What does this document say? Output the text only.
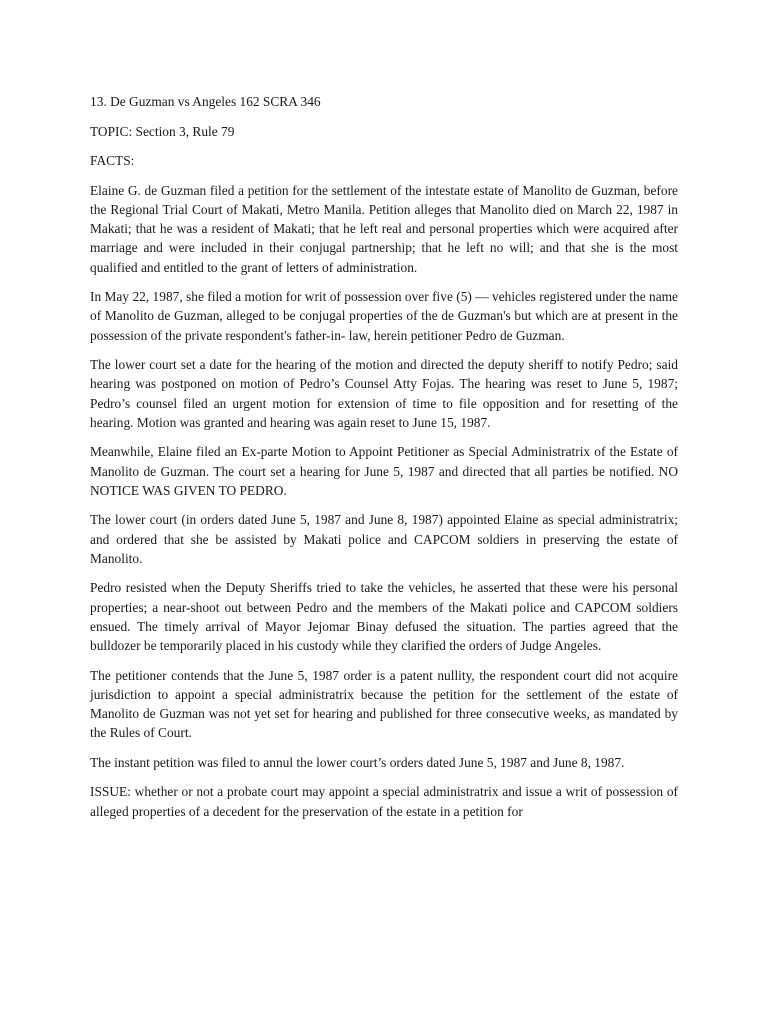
13. De Guzman vs Angeles 162 SCRA 346

TOPIC: Section 3, Rule 79

FACTS:

Elaine G. de Guzman filed a petition for the settlement of the intestate estate of Manolito de Guzman, before the Regional Trial Court of Makati, Metro Manila. Petition alleges that Manolito died on March 22, 1987 in Makati; that he was a resident of Makati; that he left real and personal properties which were acquired after marriage and were included in their conjugal partnership; that he left no will; and that she is the most qualified and entitled to the grant of letters of administration.

In May 22, 1987, she filed a motion for writ of possession over five (5) — vehicles registered under the name of Manolito de Guzman, alleged to be conjugal properties of the de Guzman's but which are at present in the possession of the private respondent's father-in- law, herein petitioner Pedro de Guzman.

The lower court set a date for the hearing of the motion and directed the deputy sheriff to notify Pedro; said hearing was postponed on motion of Pedro’s Counsel Atty Fojas. The hearing was reset to June 5, 1987; Pedro’s counsel filed an urgent motion for extension of time to file opposition and for resetting of the hearing. Motion was granted and hearing was again reset to June 15, 1987.

Meanwhile, Elaine filed an Ex-parte Motion to Appoint Petitioner as Special Administratrix of the Estate of Manolito de Guzman. The court set a hearing for June 5, 1987 and directed that all parties be notified. NO NOTICE WAS GIVEN TO PEDRO.

The lower court (in orders dated June 5, 1987 and June 8, 1987) appointed Elaine as special administratrix; and ordered that she be assisted by Makati police and CAPCOM soldiers in preserving the estate of Manolito.

Pedro resisted when the Deputy Sheriffs tried to take the vehicles, he asserted that these were his personal properties; a near-shoot out between Pedro and the members of the Makati police and CAPCOM soldiers ensued. The timely arrival of Mayor Jejomar Binay defused the situation. The parties agreed that the bulldozer be temporarily placed in his custody while they clarified the orders of Judge Angeles.

The petitioner contends that the June 5, 1987 order is a patent nullity, the respondent court did not acquire jurisdiction to appoint a special administratrix because the petition for the settlement of the estate of Manolito de Guzman was not yet set for hearing and published for three consecutive weeks, as mandated by the Rules of Court.

The instant petition was filed to annul the lower court’s orders dated June 5, 1987 and June 8, 1987.

ISSUE: whether or not a probate court may appoint a special administratrix and issue a writ of possession of alleged properties of a decedent for the preservation of the estate in a petition for
